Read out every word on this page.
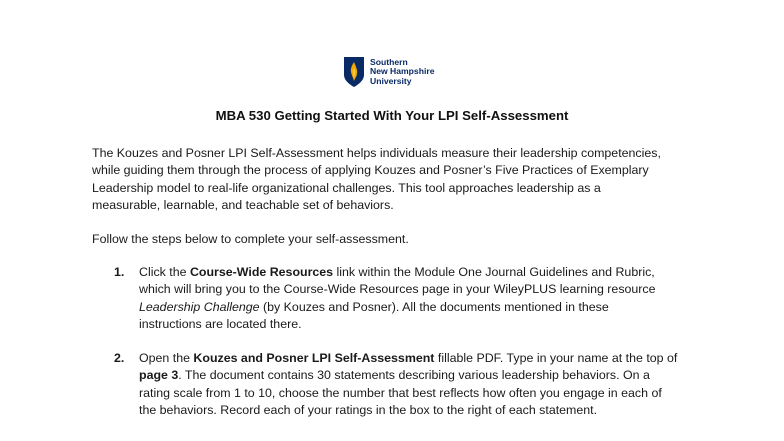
Southern
New Hampshire
University
MBA 530 Getting Started With Your LPI Self-Assessment
The Kouzes and Posner LPI Self-Assessment helps individuals measure their leadership competencies,
while guiding them through the process of applying Kouzes and Posner’s Five Practices of Exemplary
Leadership model to real-life organizational challenges. This tool approaches leadership as a
measurable, learnable, and teachable set of behaviors.
Follow the steps below to complete your self-assessment.
1. Click the Course-Wide Resources link within the Module One Journal Guidelines and Rubric,
which will bring you to the Course-Wide Resources page in your WileyPLUS learning resource
Leadership Challenge (by Kouzes and Posner). All the documents mentioned in these
instructions are located there.
2. Open the Kouzes and Posner LPI Self-Assessment fillable PDF. Type in your name at the top of
page 3. The document contains 30 statements describing various leadership behaviors. On a
rating scale from 1 to 10, choose the number that best reflects how often you engage in each of
the behaviors. Record each of your ratings in the box to the right of each statement.
